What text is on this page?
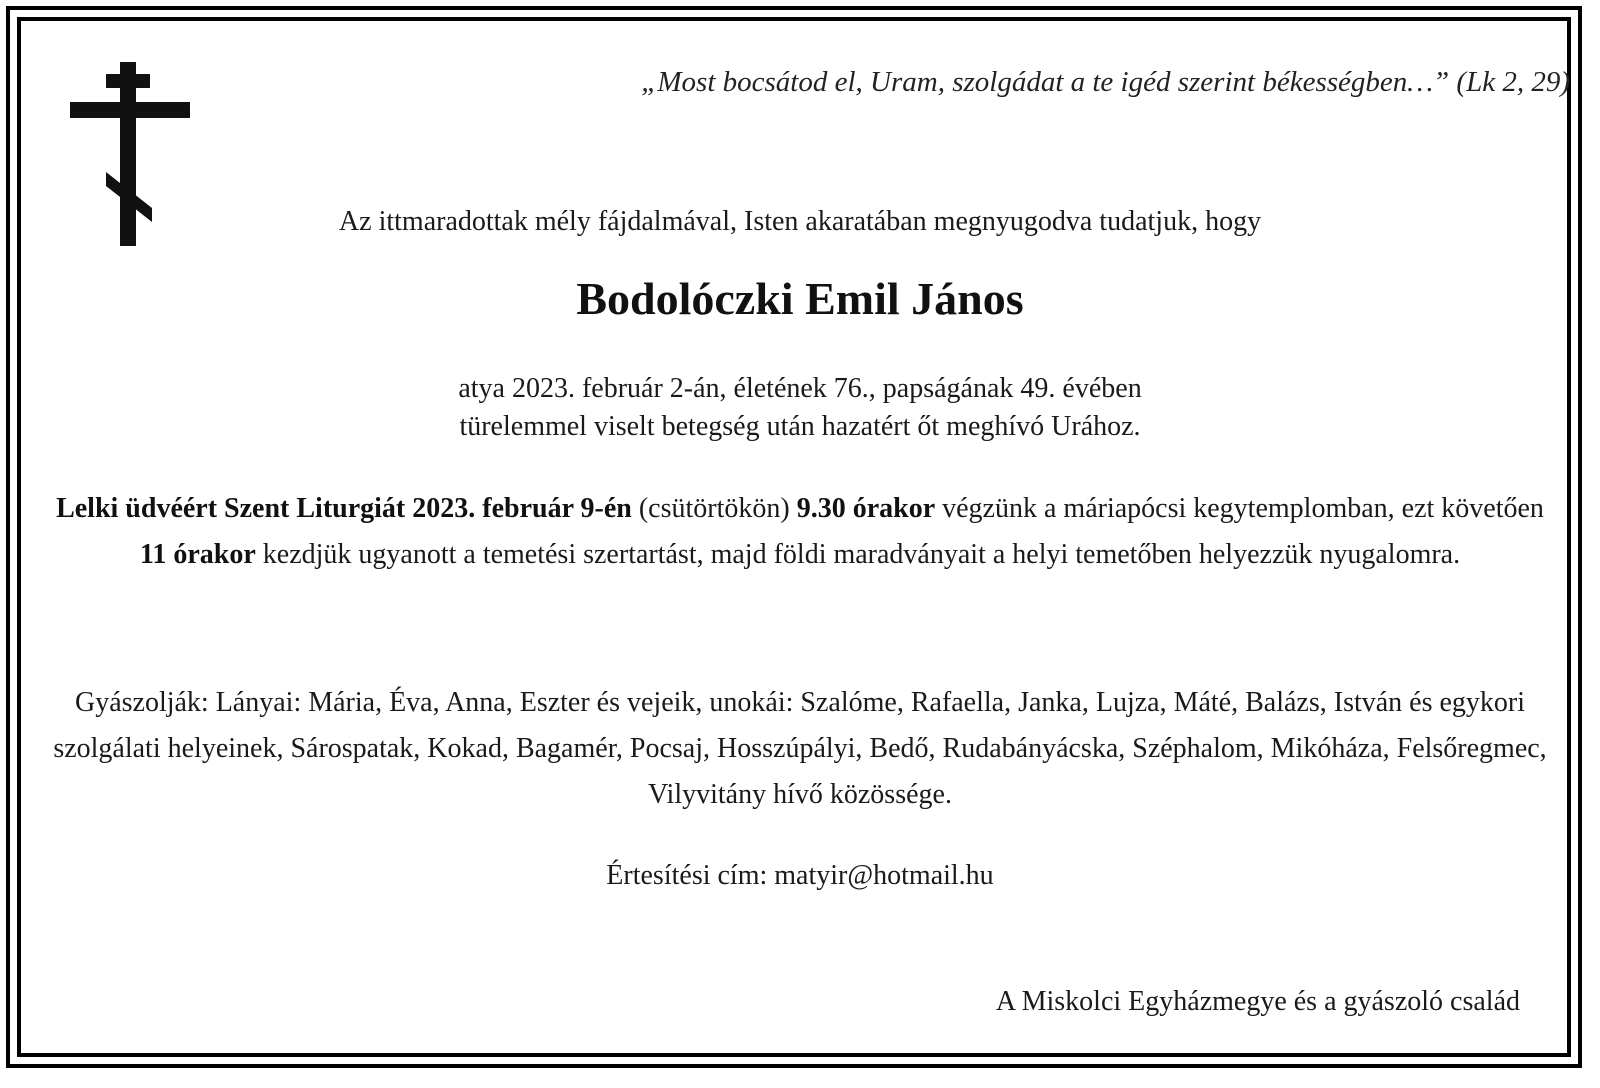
„Most bocsátod el, Uram, szolgádat a te igéd szerint békességben…” (Lk 2, 29)
Az ittmaradottak mély fájdalmával, Isten akaratában megnyugodva tudatjuk, hogy
Bodolóczki Emil János

atya 2023. február 2-án, életének 76., papságának 49. évében

türelemmel viselt betegség után hazatért őt meghívó Urához.

Lelki üdvéért Szent Liturgiát 2023. február 9-én (csütörtökön) 9.30 órakor végzünk a máriapócsi kegytemplomban, ezt követően 11 órakor kezdjük ugyanott a temetési szertartást, majd földi maradványait a helyi temetőben helyezzük nyugalomra.
Gyászolják: Lányai: Mária, Éva, Anna, Eszter és vejeik, unokái: Szalóme, Rafaella, Janka, Lujza, Máté, Balázs, István és egykori szolgálati helyeinek, Sárospatak, Kokad, Bagamér, Pocsaj, Hosszúpályi, Bedő, Rudabányácska, Széphalom, Mikóháza, Felsőregmec, Vilyvitány hívő közössége.
Értesítési cím: matyir@hotmail.hu
A Miskolci Egyházmegye és a gyászoló család
